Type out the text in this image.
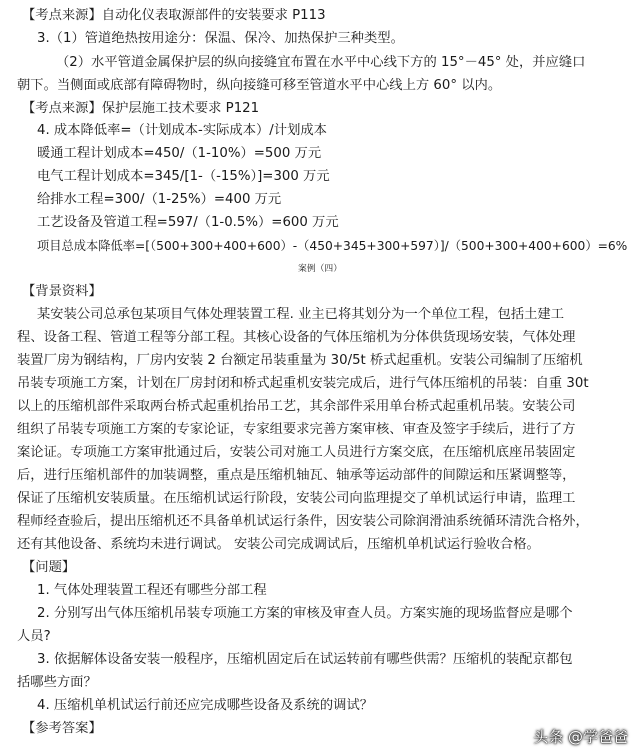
【考点来源】自动化仪表取源部件的安装要求 P113
3.（1）管道绝热按用途分：保温、保冷、加热保护三种类型。
（2）水平管道金属保护层的纵向接缝宜布置在水平中心线下方的 15°－45° 处，并应缝口
朝下。当侧面或底部有障碍物时，纵向接缝可移至管道水平中心线上方 60° 以内。
【考点来源】保护层施工技术要求 P121
4. 成本降低率=（计划成本-实际成本）/计划成本
暖通工程计划成本=450/（1-10%）=500 万元
电气工程计划成本=345/[1-（-15%）]=300 万元
给排水工程=300/（1-25%）=400 万元
工艺设备及管道工程=597/（1-0.5%）=600 万元
项目总成本降低率=[（500+300+400+600）-（450+345+300+597）]/（500+300+400+600）=6%
案例（四）
【背景资料】
某安装公司总承包某项目气体处理装置工程. 业主已将其划分为一个单位工程，包括土建工
程、设备工程、管道工程等分部工程。其核心设备的气体压缩机为分体供货现场安装，气体处理
装置厂房为钢结构，厂房内安装 2 台额定吊装重量为 30/5t 桥式起重机。安装公司编制了压缩机
吊装专项施工方案，计划在厂房封闭和桥式起重机安装完成后，进行气体压缩机的吊装：自重 30t
以上的压缩机部件采取两台桥式起重机抬吊工艺，其余部件采用单台桥式起重机吊装。安装公司
组织了吊装专项施工方案的专家论证，专家组要求完善方案审核、审查及签字手续后，进行了方
案论证。专项施工方案审批通过后，安装公司对施工人员进行方案交底，在压缩机底座吊装固定
后，进行压缩机部件的加装调整，重点是压缩机轴瓦、轴承等运动部件的间隙运和压紧调整等，
保证了压缩机安装质量。在压缩机试运行阶段，安装公司向监理提交了单机试运行申请，监理工
程师经查验后，提出压缩机还不具备单机试运行条件，因安装公司除润滑油系统循环清洗合格外，
还有其他设备、系统均未进行调试。 安装公司完成调试后，压缩机单机试运行验收合格。
【问题】
1. 气体处理装置工程还有哪些分部工程
2. 分别写出气体压缩机吊装专项施工方案的审核及审查人员。方案实施的现场监督应是哪个
人员?
3. 依据解体设备安装一般程序，压缩机固定后在试运转前有哪些供需？压缩机的装配京都包
括哪些方面？
4. 压缩机单机试运行前还应完成哪些设备及系统的调试？
【参考答案】	头条 @学爸爸
